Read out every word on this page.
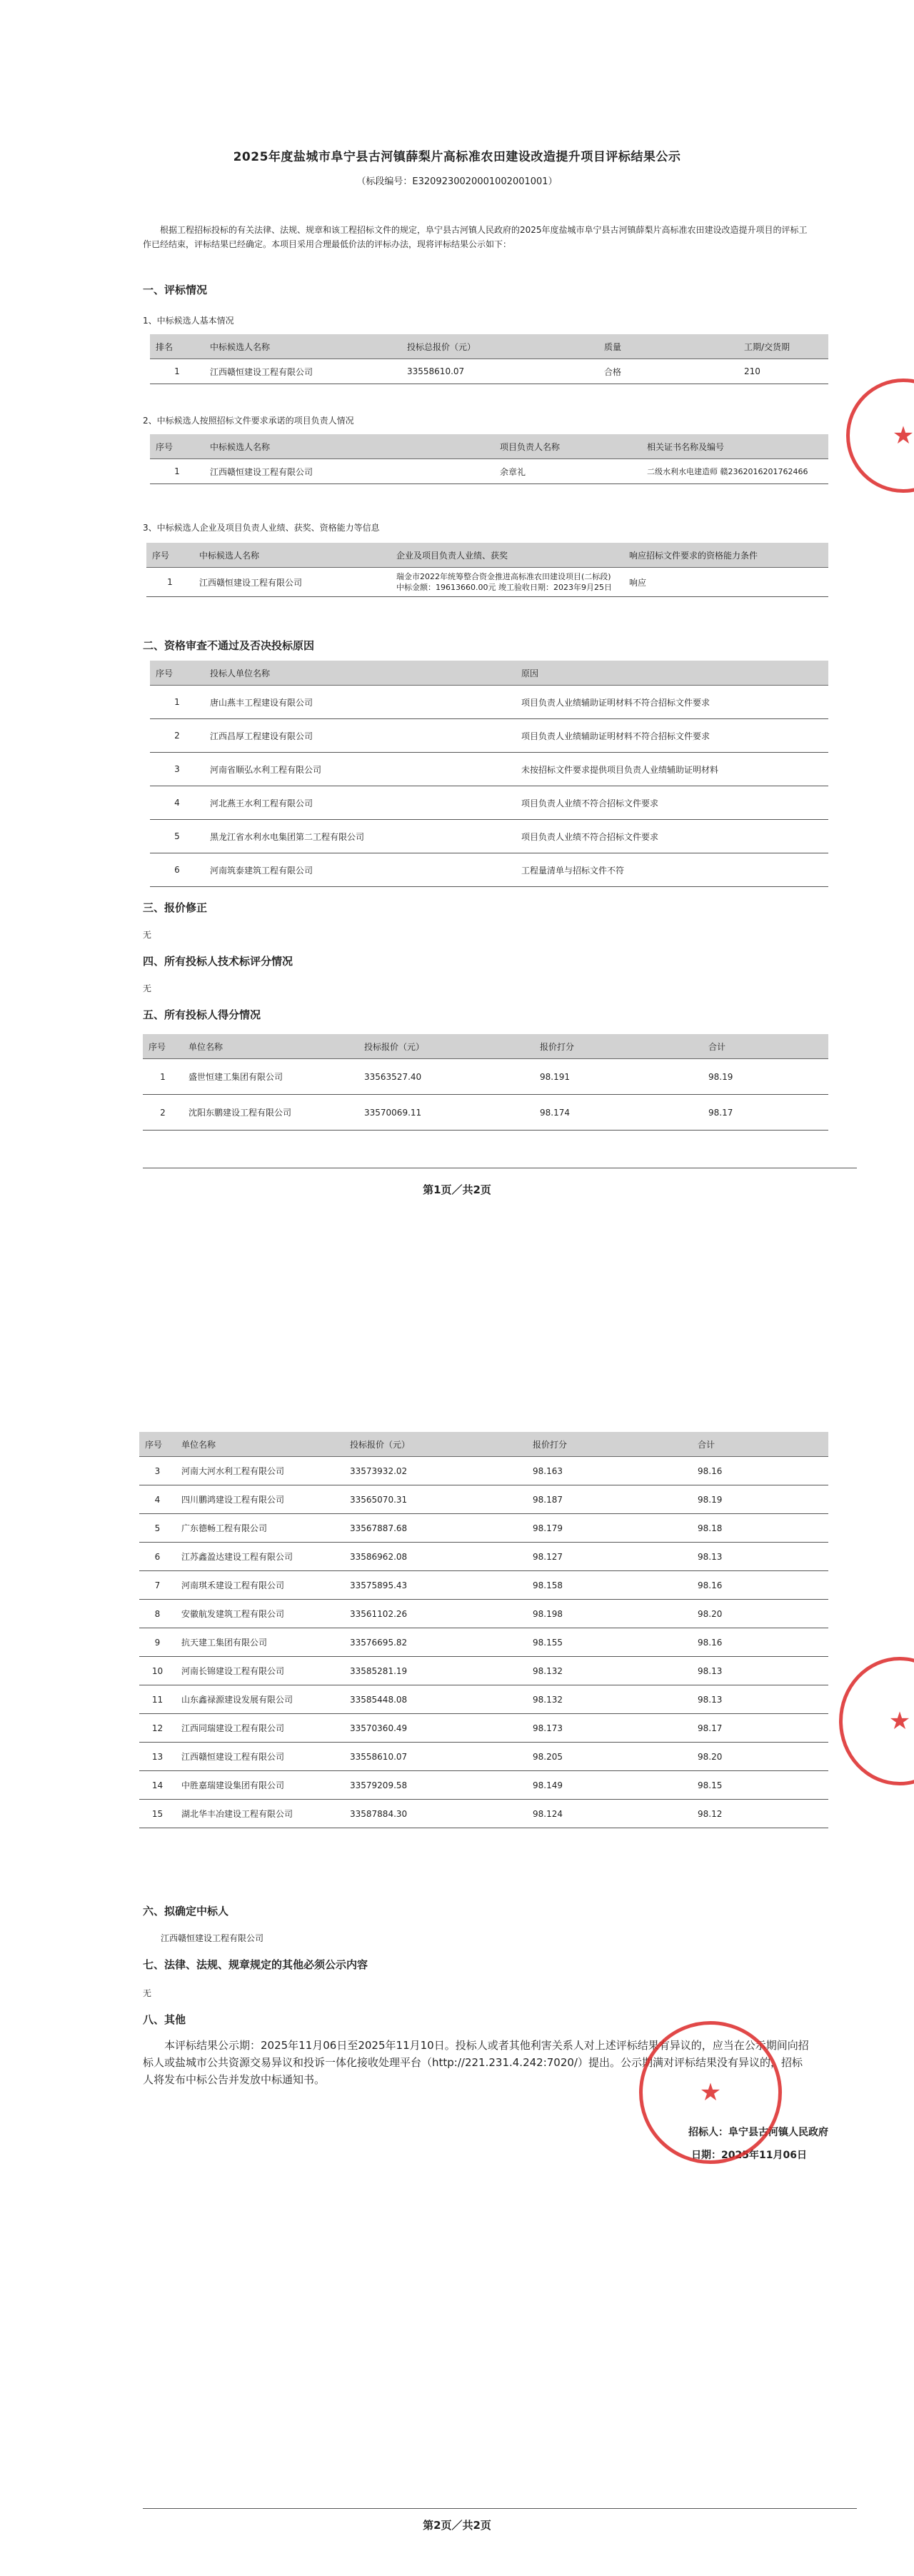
2025年度盐城市阜宁县古河镇薛梨片高标准农田建设改造提升项目评标结果公示
（标段编号：E3209230020001002001001）
根据工程招标投标的有关法律、法规、规章和该工程招标文件的规定，阜宁县古河镇人民政府的2025年度盐城市阜宁县古河镇薛梨片高标准农田建设改造提升项目的评标工作已经结束，评标结果已经确定。本项目采用合理最低价法的评标办法，现将评标结果公示如下：
一、评标情况
1、中标候选人基本情况
排名	中标候选人名称	投标总报价（元）	质量	工期/交货期
1	江西赣恒建设工程有限公司	33558610.07	合格	210
2、中标候选人按照招标文件要求承诺的项目负责人情况
序号	中标候选人名称	项目负责人名称	相关证书名称及编号
1	江西赣恒建设工程有限公司	余章礼	二级水利水电建造师 赣236201620176246​6
3、中标候选人企业及项目负责人业绩、获奖、资格能力等信息
序号	中标候选人名称	企业及项目负责人业绩、获奖	响应招标文件要求的资格能力条件
1	江西赣恒建设工程有限公司	瑞金市2022年统筹整合资金推进高标准农田建设项目(二标段) 中标金额：19613660.00元 竣工验收日期：2023年9月25日	响应
二、资格审查不通过及否决投标原因
序号	投标人单位名称	原因
1	唐山燕丰工程建设有限公司	项目负责人业绩辅助证明材料不符合招标文件要求
2	江西昌厚工程建设有限公司	项目负责人业绩辅助证明材料不符合招标文件要求
3	河南省顺弘水利工程有限公司	未按招标文件要求提供项目负责人业绩辅助证明材料
4	河北燕王水利工程有限公司	项目负责人业绩不符合招标文件要求
5	黑龙江省水利水电集团第二工程有限公司	项目负责人业绩不符合招标文件要求
6	河南筑泰建筑工程有限公司	工程量清单与招标文件不符
三、报价修正
无
四、所有投标人技术标评分情况
无
五、所有投标人得分情况
序号	单位名称	投标报价（元）	报价打分	合计
1	盛世恒建工集团有限公司	33563527.40	98.191	98.19
2	沈阳东鹏建设工程有限公司	33570069.11	98.174	98.17
第1页／共2页
★
序号	单位名称	投标报价（元）	报价打分	合计
3	河南大河水利工程有限公司	33573932.02	98.163	98.16
4	四川鹏鸿建设工程有限公司	33565070.31	98.187	98.19
5	广东德畅工程有限公司	33567887.68	98.179	98.18
6	江苏鑫盈达建设工程有限公司	33586962.08	98.127	98.13
7	河南琪禾建设工程有限公司	33575895.43	98.158	98.16
8	安徽航发建筑工程有限公司	33561102.26	98.198	98.20
9	抗天建工集团有限公司	33576695.82	98.155	98.16
10	河南长锦建设工程有限公司	33585281.19	98.132	98.13
11	山东鑫禄源建设发展有限公司	33585448.08	98.132	98.13
12	江西同瑞建设工程有限公司	33570360.49	98.173	98.17
13	江西赣恒建设工程有限公司	33558610.07	98.205	98.20
14	中胜嘉瑞建设集团有限公司	33579209.58	98.149	98.15
15	湖北华丰冶建设工程有限公司	33587884.30	98.124	98.12
六、拟确定中标人
江西赣恒建设工程有限公司
七、法律、法规、规章规定的其他必须公示内容
无
八、其他
本评标结果公示期：2025年11月06日至2025年11月10日。投标人或者其他利害关系人对上述评标结果有异议的，应当在公示期间向招标人或盐城市公共资源交易异议和投诉一体化接收处理平台（http://221.231.4.242:7020/）提出。公示期满对评标结果没有异议的，招标人将发布中标公告并发放中标通知书。
招标人：阜宁县古河镇人民政府
日期：2025年11月06日
★
★
第2页／共2页
